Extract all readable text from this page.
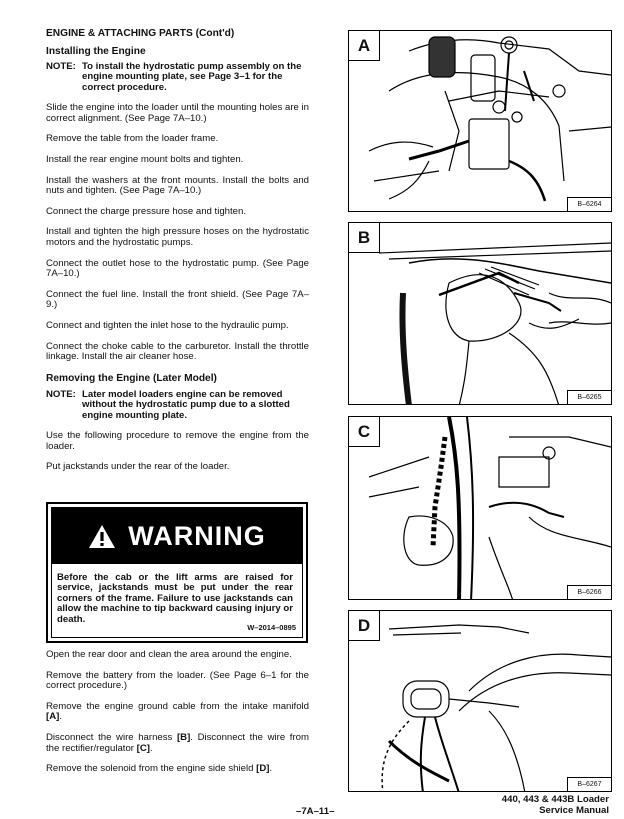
ENGINE & ATTACHING PARTS (Cont'd)
Installing the Engine
NOTE: To install the hydrostatic pump assembly on the engine mounting plate, see Page 3–1 for the correct procedure.
Slide the engine into the loader until the mounting holes are in correct alignment. (See Page 7A–10.)
Remove the table from the loader frame.
Install the rear engine mount bolts and tighten.
Install the washers at the front mounts. Install the bolts and nuts and tighten. (See Page 7A–10.)
Connect the charge pressure hose and tighten.
Install and tighten the high pressure hoses on the hydrostatic motors and the hydrostatic pumps.
Connect the outlet hose to the hydrostatic pump. (See Page 7A–10.)
Connect the fuel line. Install the front shield. (See Page 7A–9.)
Connect and tighten the inlet hose to the hydraulic pump.
Connect the choke cable to the carburetor. Install the throttle linkage. Install the air cleaner hose.
Removing the Engine (Later Model)
NOTE: Later model loaders engine can be removed without the hydrostatic pump due to a slotted engine mounting plate.
Use the following procedure to remove the engine from the loader.
Put jackstands under the rear of the loader.
WARNING
Before the cab or the lift arms are raised for service, jackstands must be put under the rear corners of the frame. Failure to use jackstands can allow the machine to tip backward causing injury or death.
W–2014–0895
Open the rear door and clean the area around the engine.
Remove the battery from the loader. (See Page 6–1 for the correct procedure.)
Remove the engine ground cable from the intake manifold [A].
Disconnect the wire harness [B]. Disconnect the wire from the rectifier/regulator [C].
Remove the solenoid from the engine side shield [D].
A
B–6264
B
B–6265
C
B–6266
D
B–6267
–7A–11–
440, 443 & 443B Loader
Service Manual
